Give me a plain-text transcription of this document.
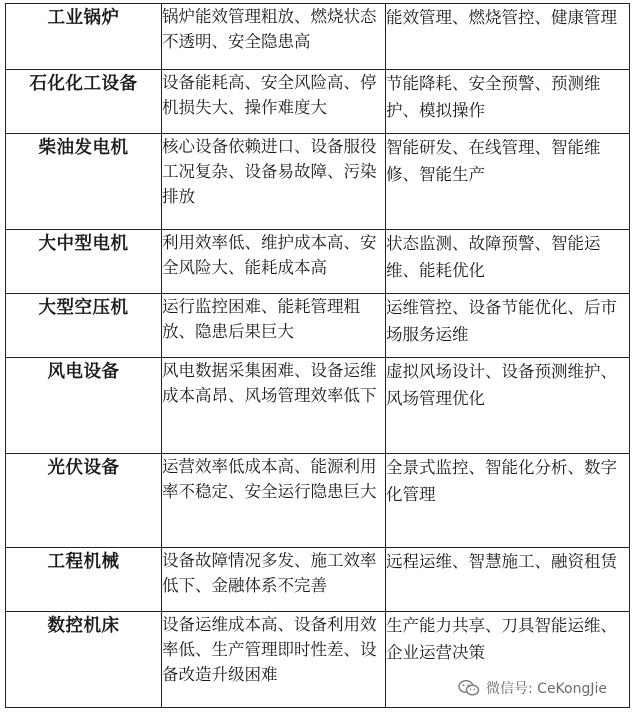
工业锅炉	锅炉能效管理粗放、燃烧状态不透明、安全隐患高	能效管理、燃烧管控、健康管理
石化化工设备	设备能耗高、安全风险高、停机损失大、操作难度大	节能降耗、安全预警、预测维护、模拟操作
柴油发电机	核心设备依赖进口、设备服役工况复杂、设备易故障、污染排放	智能研发、在线管理、智能维修、智能生产
大中型电机	利用效率低、维护成本高、安全风险大、能耗成本高	状态监测、故障预警、智能运维、能耗优化
大型空压机	运行监控困难、能耗管理粗放、隐患后果巨大	运维管控、设备节能优化、后市场服务运维
风电设备	风电数据采集困难、设备运维成本高昂、风场管理效率低下	虚拟风场设计、设备预测维护、风场管理优化
光伏设备	运营效率低成本高、能源利用率不稳定、安全运行隐患巨大	全景式监控、智能化分析、数字化管理
工程机械	设备故障情况多发、施工效率低下、金融体系不完善	远程运维、智慧施工、融资租赁
数控机床	设备运维成本高、设备利用效率低、生产管理即时性差、设备改造升级困难	生产能力共享、刀具智能运维、企业运营决策
微信号: CeKongJie
